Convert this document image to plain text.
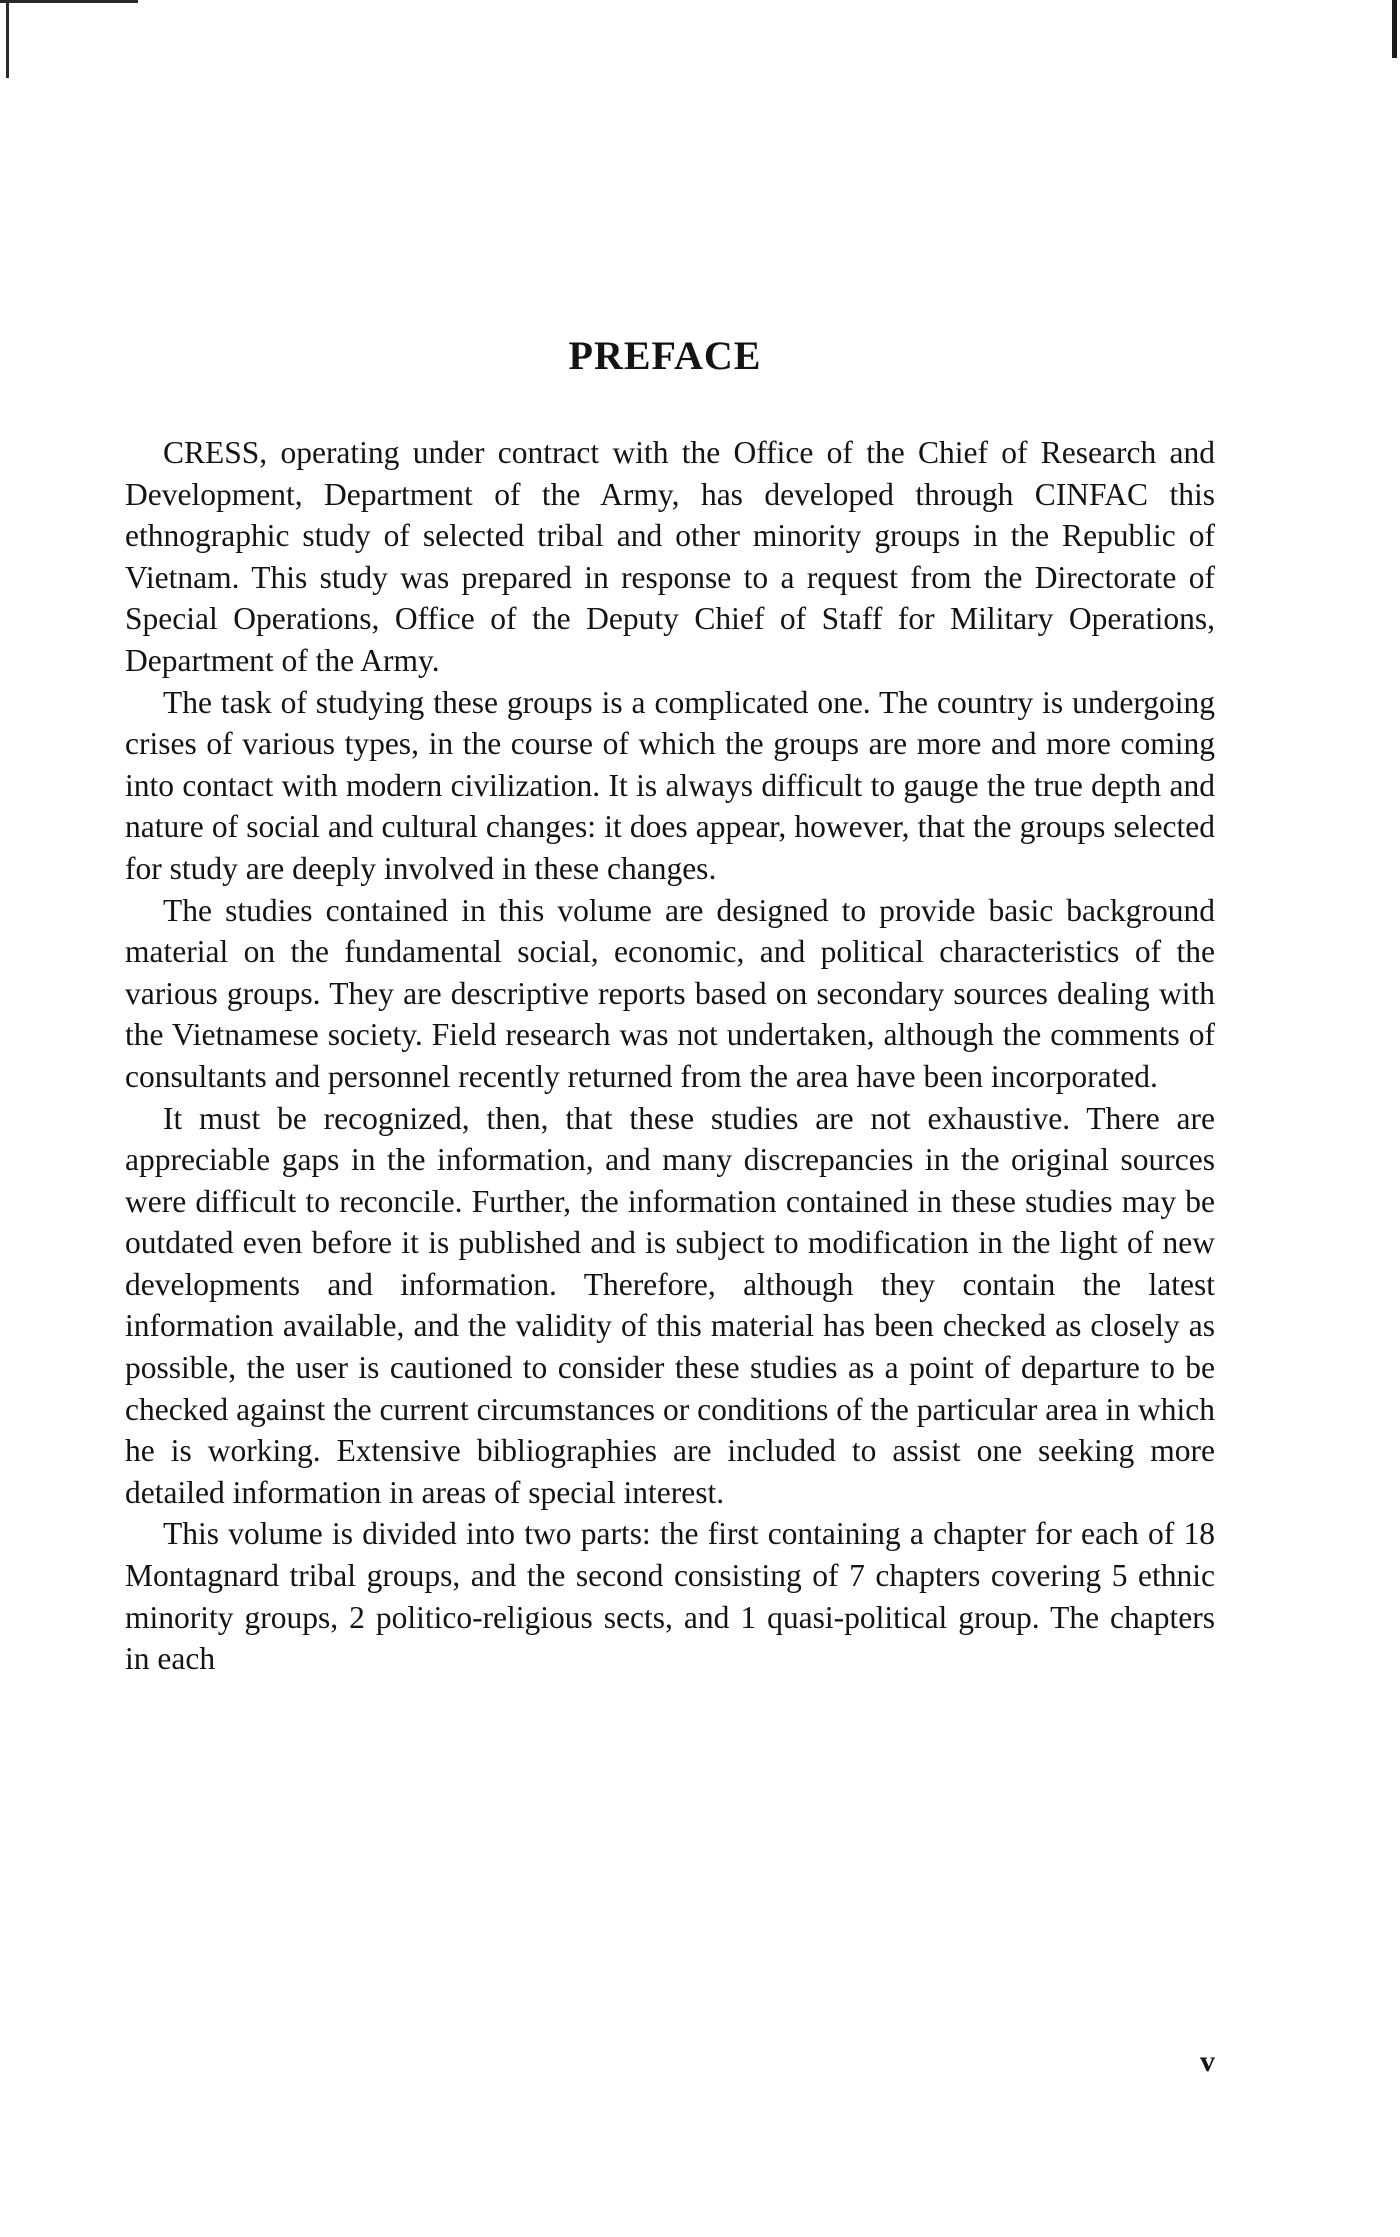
PREFACE

CRESS, operating under contract with the Office of the Chief of Research and Development, Department of the Army, has developed through CINFAC this ethnographic study of selected tribal and other minority groups in the Republic of Vietnam. This study was prepared in response to a request from the Directorate of Special Operations, Office of the Deputy Chief of Staff for Military Operations, Department of the Army.

The task of studying these groups is a complicated one. The country is undergoing crises of various types, in the course of which the groups are more and more coming into contact with modern civilization. It is always difficult to gauge the true depth and nature of social and cultural changes: it does appear, however, that the groups selected for study are deeply involved in these changes.

The studies contained in this volume are designed to provide basic background material on the fundamental social, economic, and political characteristics of the various groups. They are descriptive reports based on secondary sources dealing with the Vietnamese society. Field research was not undertaken, although the comments of consultants and personnel recently returned from the area have been incorporated.

It must be recognized, then, that these studies are not exhaustive. There are appreciable gaps in the information, and many discrepancies in the original sources were difficult to reconcile. Further, the information contained in these studies may be outdated even before it is published and is subject to modification in the light of new developments and information. Therefore, although they contain the latest information available, and the validity of this material has been checked as closely as possible, the user is cautioned to consider these studies as a point of departure to be checked against the current circumstances or conditions of the particular area in which he is working. Extensive bibliographies are included to assist one seeking more detailed information in areas of special interest.

This volume is divided into two parts: the first containing a chapter for each of 18 Montagnard tribal groups, and the second consisting of 7 chapters covering 5 ethnic minority groups, 2 politico-religious sects, and 1 quasi-political group. The chapters in each

v
